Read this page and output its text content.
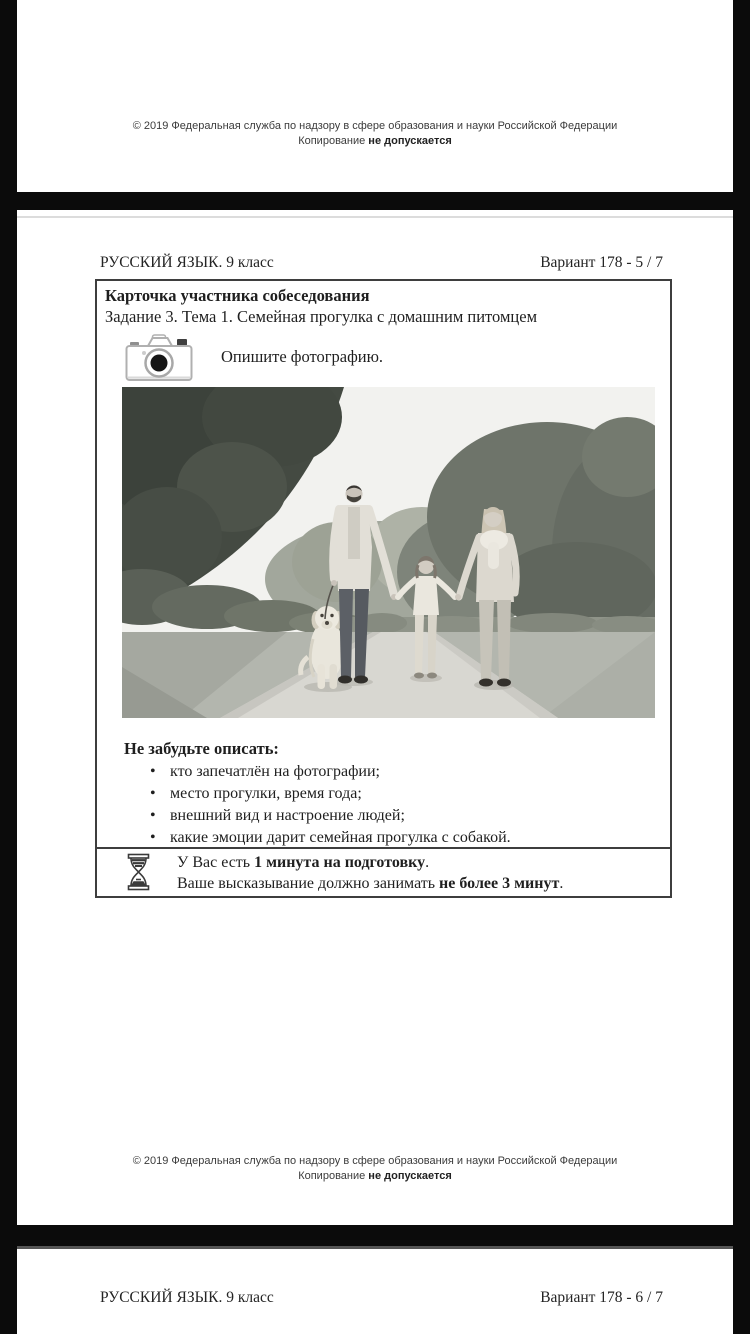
© 2019 Федеральная служба по надзору в сфере образования и науки Российской Федерации
Копирование не допускается
РУССКИЙ ЯЗЫК. 9 класс	Вариант 178 - 5 / 7
Карточка участника собеседования
Задание 3. Тема 1. Семейная прогулка с домашним питомцем
Опишите фотографию.
Не забудьте описать:
• кто запечатлён на фотографии;
• место прогулки, время года;
• внешний вид и настроение людей;
• какие эмоции дарит семейная прогулка с собакой.
У Вас есть 1 минута на подготовку.
Ваше высказывание должно занимать не более 3 минут.
© 2019 Федеральная служба по надзору в сфере образования и науки Российской Федерации
Копирование не допускается
РУССКИЙ ЯЗЫК. 9 класс	Вариант 178 - 6 / 7
